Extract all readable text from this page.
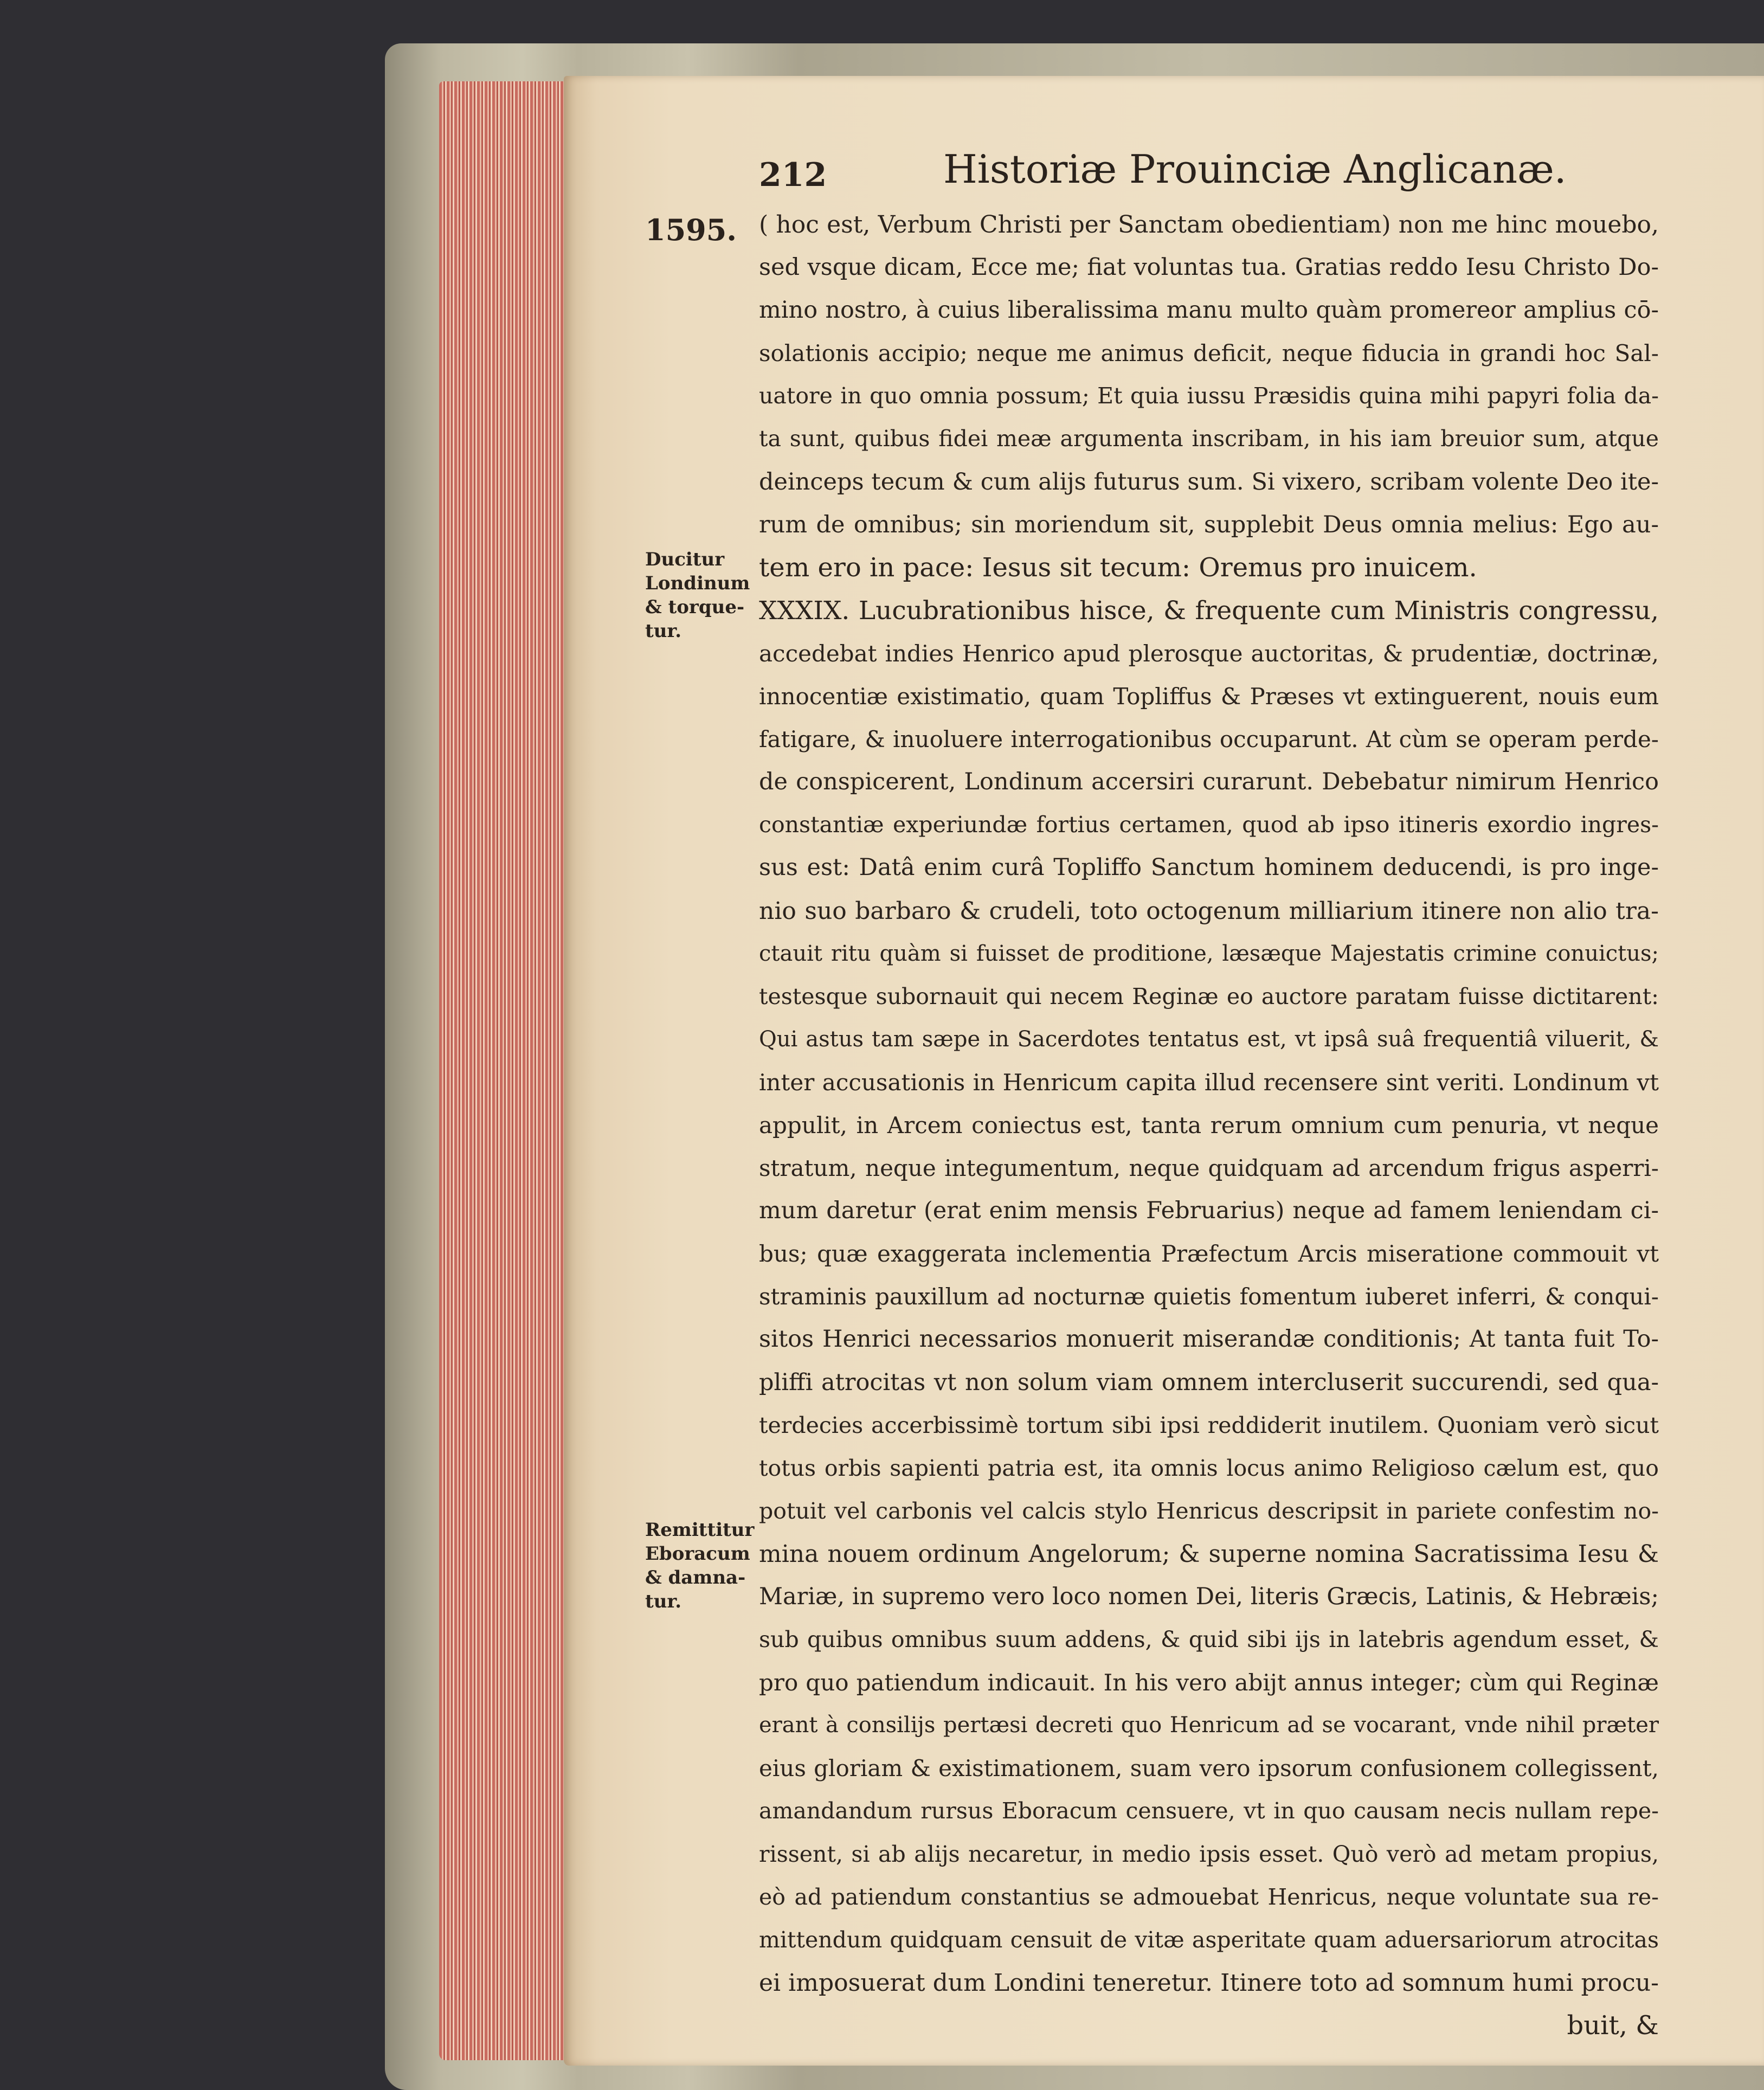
212	Historiæ Prouinciæ Anglicanæ.
1595.
Ducitur
Londinum
& torque-
tur.
Remittitur
Eboracum
& damna-
tur.
( hoc est, Verbum Christi per Sanctam obedientiam) non me hinc mouebo,
sed vsque dicam, Ecce me; fiat voluntas tua. Gratias reddo Iesu Christo Do-
mino nostro, à cuius liberalissima manu multo quàm promereor amplius cō-
solationis accipio; neque me animus deficit, neque fiducia in grandi hoc Sal-
uatore in quo omnia possum; Et quia iussu Præsidis quina mihi papyri folia da-
ta sunt, quibus fidei meæ argumenta inscribam, in his iam breuior sum, atque
deinceps tecum & cum alijs futurus sum. Si vixero, scribam volente Deo ite-
rum de omnibus; sin moriendum sit, supplebit Deus omnia melius: Ego au-
tem ero in pace: Iesus sit tecum: Oremus pro inuicem.
XXXIX. Lucubrationibus hisce, & frequente cum Ministris congressu,
accedebat indies Henrico apud plerosque auctoritas, & prudentiæ, doctrinæ,
innocentiæ existimatio, quam Topliffus & Præses vt extinguerent, nouis eum
fatigare, & inuoluere interrogationibus occuparunt. At cùm se operam perde-
de conspicerent, Londinum accersiri curarunt. Debebatur nimirum Henrico
constantiæ experiundæ fortius certamen, quod ab ipso itineris exordio ingres-
sus est: Datâ enim curâ Topliffo Sanctum hominem deducendi, is pro inge-
nio suo barbaro & crudeli, toto octogenum milliarium itinere non alio tra-
ctauit ritu quàm si fuisset de proditione, læsæque Majestatis crimine conuictus;
testesque subornauit qui necem Reginæ eo auctore paratam fuisse dictitarent:
Qui astus tam sæpe in Sacerdotes tentatus est, vt ipsâ suâ frequentiâ viluerit, &
inter accusationis in Henricum capita illud recensere sint veriti. Londinum vt
appulit, in Arcem coniectus est, tanta rerum omnium cum penuria, vt neque
stratum, neque integumentum, neque quidquam ad arcendum frigus asperri-
mum daretur (erat enim mensis Februarius) neque ad famem leniendam ci-
bus; quæ exaggerata inclementia Præfectum Arcis miseratione commouit vt
straminis pauxillum ad nocturnæ quietis fomentum iuberet inferri, & conqui-
sitos Henrici necessarios monuerit miserandæ conditionis; At tanta fuit To-
pliffi atrocitas vt non solum viam omnem intercluserit succurendi, sed qua-
terdecies accerbissimè tortum sibi ipsi reddiderit inutilem. Quoniam verò sicut
totus orbis sapienti patria est, ita omnis locus animo Religioso cælum est, quo
potuit vel carbonis vel calcis stylo Henricus descripsit in pariete confestim no-
mina nouem ordinum Angelorum; & superne nomina Sacratissima Iesu &
Mariæ, in supremo vero loco nomen Dei, literis Græcis, Latinis, & Hebræis;
sub quibus omnibus suum addens, & quid sibi ijs in latebris agendum esset, &
pro quo patiendum indicauit. In his vero abijt annus integer; cùm qui Reginæ
erant à consilijs pertæsi decreti quo Henricum ad se vocarant, vnde nihil præter
eius gloriam & existimationem, suam vero ipsorum confusionem collegissent,
amandandum rursus Eboracum censuere, vt in quo causam necis nullam repe-
rissent, si ab alijs necaretur, in medio ipsis esset. Quò verò ad metam propius,
eò ad patiendum constantius se admouebat Henricus, neque voluntate sua re-
mittendum quidquam censuit de vitæ asperitate quam aduersariorum atrocitas
ei imposuerat dum Londini teneretur. Itinere toto ad somnum humi procu-
buit, &
